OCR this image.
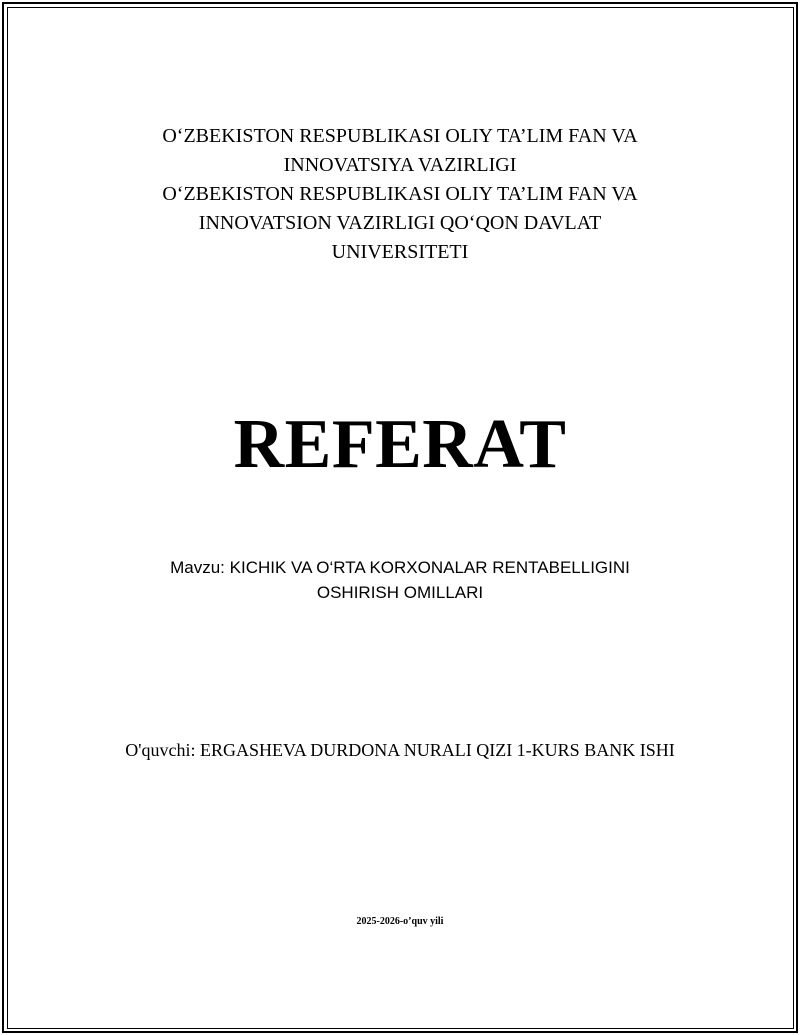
O‘ZBEKISTON RESPUBLIKASI OLIY TA’LIM FAN VA
INNOVATSIYA VAZIRLIGI
O‘ZBEKISTON RESPUBLIKASI OLIY TA’LIM FAN VA
INNOVATSION VAZIRLIGI QO‘QON DAVLAT
UNIVERSITETI
REFERAT
Mavzu: KICHIK VA O‘RTA KORXONALAR RENTABELLIGINI
OSHIRISH OMILLARI
O'quvchi: ERGASHEVA DURDONA NURALI QIZI 1-KURS BANK ISHI
2025-2026-o’quv yili
